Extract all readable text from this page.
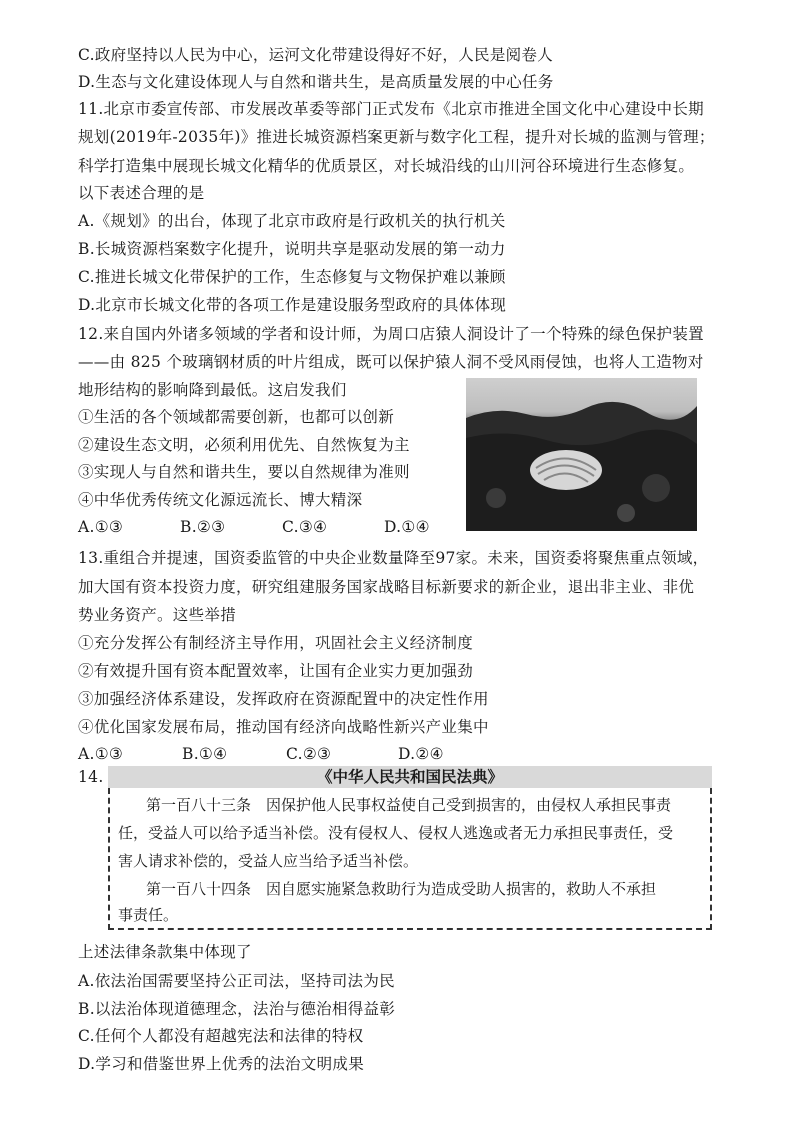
C.政府坚持以人民为中心，运河文化带建设得好不好，人民是阅卷人
D.生态与文化建设体现人与自然和谐共生，是高质量发展的中心任务
11.北京市委宣传部、市发展改革委等部门正式发布《北京市推进全国文化中心建设中长期
规划(2019年-2035年)》推进长城资源档案更新与数字化工程，提升对长城的监测与管理；
科学打造集中展现长城文化精华的优质景区，对长城沿线的山川河谷环境进行生态修复。
以下表述合理的是
A.《规划》的出台，体现了北京市政府是行政机关的执行机关
B.长城资源档案数字化提升，说明共享是驱动发展的第一动力
C.推进长城文化带保护的工作，生态修复与文物保护难以兼顾
D.北京市长城文化带的各项工作是建设服务型政府的具体体现
12.来自国内外诸多领域的学者和设计师，为周口店猿人洞设计了一个特殊的绿色保护装置
——由 825 个玻璃钢材质的叶片组成，既可以保护猿人洞不受风雨侵蚀，也将人工造物对
地形结构的影响降到最低。这启发我们
①生活的各个领域都需要创新，也都可以创新
②建设生态文明，必须利用优先、自然恢复为主
③实现人与自然和谐共生，要以自然规律为准则
④中华优秀传统文化源远流长、博大精深
A.①③	B.②③	C.③④	D.①④
13.重组合并提速，国资委监管的中央企业数量降至97家。未来，国资委将聚焦重点领域，
加大国有资本投资力度，研究组建服务国家战略目标新要求的新企业，退出非主业、非优
势业务资产。这些举措
①充分发挥公有制经济主导作用，巩固社会主义经济制度
②有效提升国有资本配置效率，让国有企业实力更加强劲
③加强经济体系建设，发挥政府在资源配置中的决定性作用
④优化国家发展布局，推动国有经济向战略性新兴产业集中
A.①③	B.①④	C.②③	D.②④
14.	《中华人民共和国民法典》
第一百八十三条　因保护他人民事权益使自己受到损害的，由侵权人承担民事责
任，受益人可以给予适当补偿。没有侵权人、侵权人逃逸或者无力承担民事责任，受
害人请求补偿的，受益人应当给予适当补偿。
第一百八十四条　因自愿实施紧急救助行为造成受助人损害的，救助人不承担
事责任。
上述法律条款集中体现了
A.依法治国需要坚持公正司法，坚持司法为民
B.以法治体现道德理念，法治与德治相得益彰
C.任何个人都没有超越宪法和法律的特权
D.学习和借鉴世界上优秀的法治文明成果
